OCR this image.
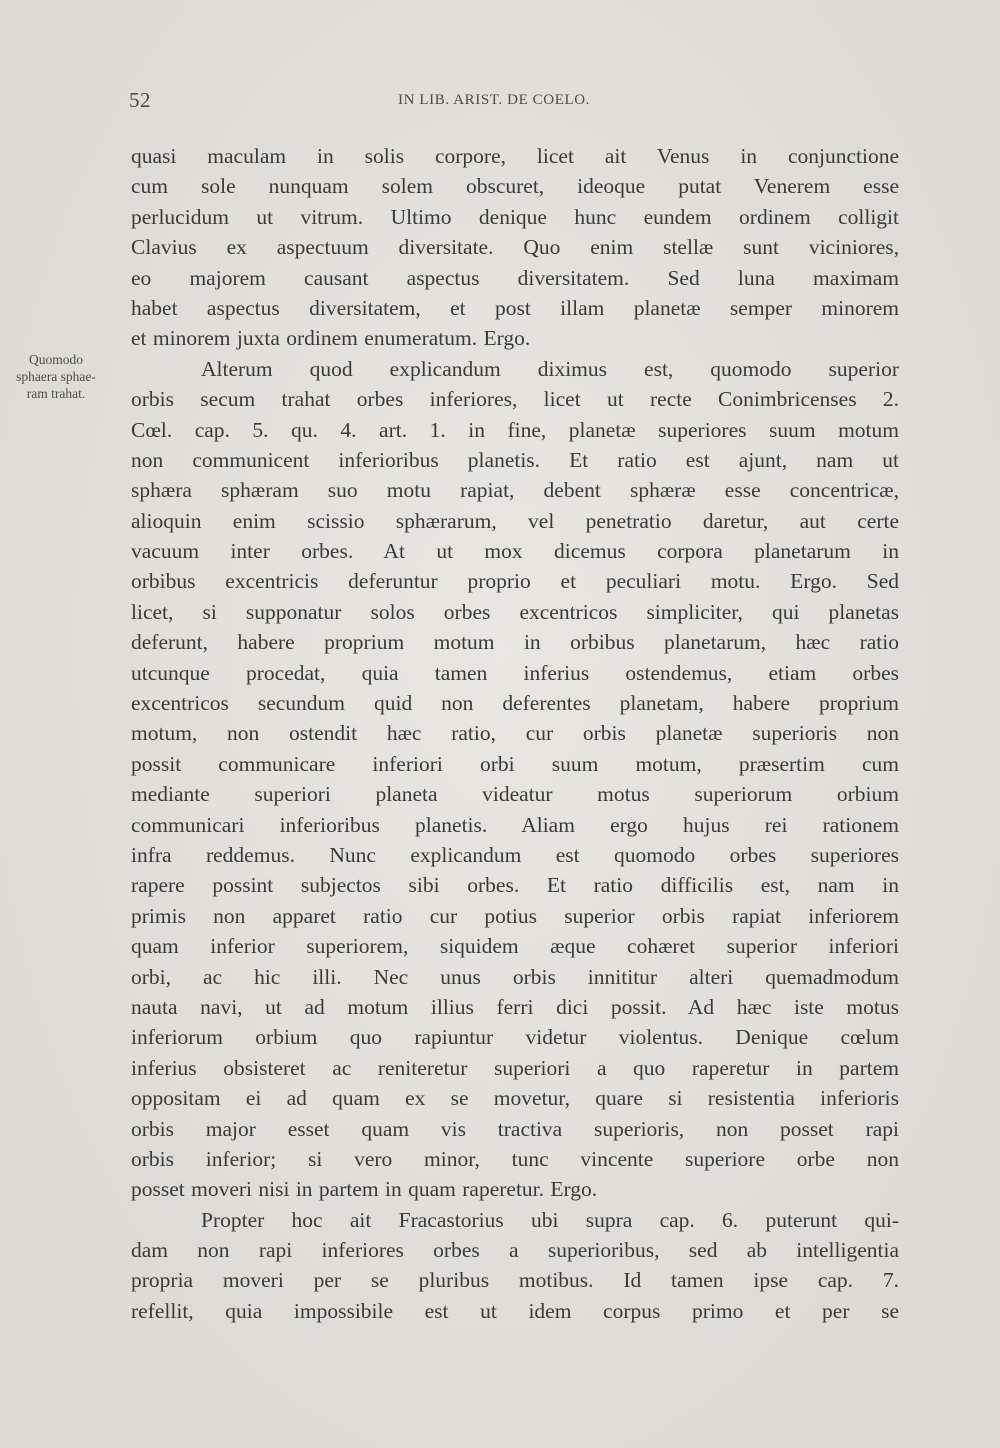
52	IN LIB. ARIST. DE COELO.
Quomodo
sphaera sphae-
ram trahat.
quasi maculam in solis corpore, licet ait Venus in conjunctione
cum sole nunquam solem obscuret, ideoque putat Venerem esse
perlucidum ut vitrum. Ultimo denique hunc eundem ordinem colligit
Clavius ex aspectuum diversitate. Quo enim stellæ sunt viciniores,
eo majorem causant aspectus diversitatem. Sed luna maximam
habet aspectus diversitatem, et post illam planetæ semper minorem
et minorem juxta ordinem enumeratum. Ergo.
Alterum quod explicandum diximus est, quomodo superior
orbis secum trahat orbes inferiores, licet ut recte Conimbricenses 2.
Cœl. cap. 5. qu. 4. art. 1. in fine, planetæ superiores suum motum
non communicent inferioribus planetis. Et ratio est ajunt, nam ut
sphæra sphæram suo motu rapiat, debent sphæræ esse concentricæ,
alioquin enim scissio sphærarum, vel penetratio daretur, aut certe
vacuum inter orbes. At ut mox dicemus corpora planetarum in
orbibus excentricis deferuntur proprio et peculiari motu. Ergo. Sed
licet, si supponatur solos orbes excentricos simpliciter, qui planetas
deferunt, habere proprium motum in orbibus planetarum, hæc ratio
utcunque procedat, quia tamen inferius ostendemus, etiam orbes
excentricos secundum quid non deferentes planetam, habere proprium
motum, non ostendit hæc ratio, cur orbis planetæ superioris non
possit communicare inferiori orbi suum motum, præsertim cum
mediante superiori planeta videatur motus superiorum orbium
communicari inferioribus planetis. Aliam ergo hujus rei rationem
infra reddemus. Nunc explicandum est quomodo orbes superiores
rapere possint subjectos sibi orbes. Et ratio difficilis est, nam in
primis non apparet ratio cur potius superior orbis rapiat inferiorem
quam inferior superiorem, siquidem æque cohæret superior inferiori
orbi, ac hic illi. Nec unus orbis innititur alteri quemadmodum
nauta navi, ut ad motum illius ferri dici possit. Ad hæc iste motus
inferiorum orbium quo rapiuntur videtur violentus. Denique cœlum
inferius obsisteret ac reniteretur superiori a quo raperetur in partem
oppositam ei ad quam ex se movetur, quare si resistentia inferioris
orbis major esset quam vis tractiva superioris, non posset rapi
orbis inferior; si vero minor, tunc vincente superiore orbe non
posset moveri nisi in partem in quam raperetur. Ergo.
Propter hoc ait Fracastorius ubi supra cap. 6. puterunt qui-
dam non rapi inferiores orbes a superioribus, sed ab intelligentia
propria moveri per se pluribus motibus. Id tamen ipse cap. 7.
refellit, quia impossibile est ut idem corpus primo et per se
